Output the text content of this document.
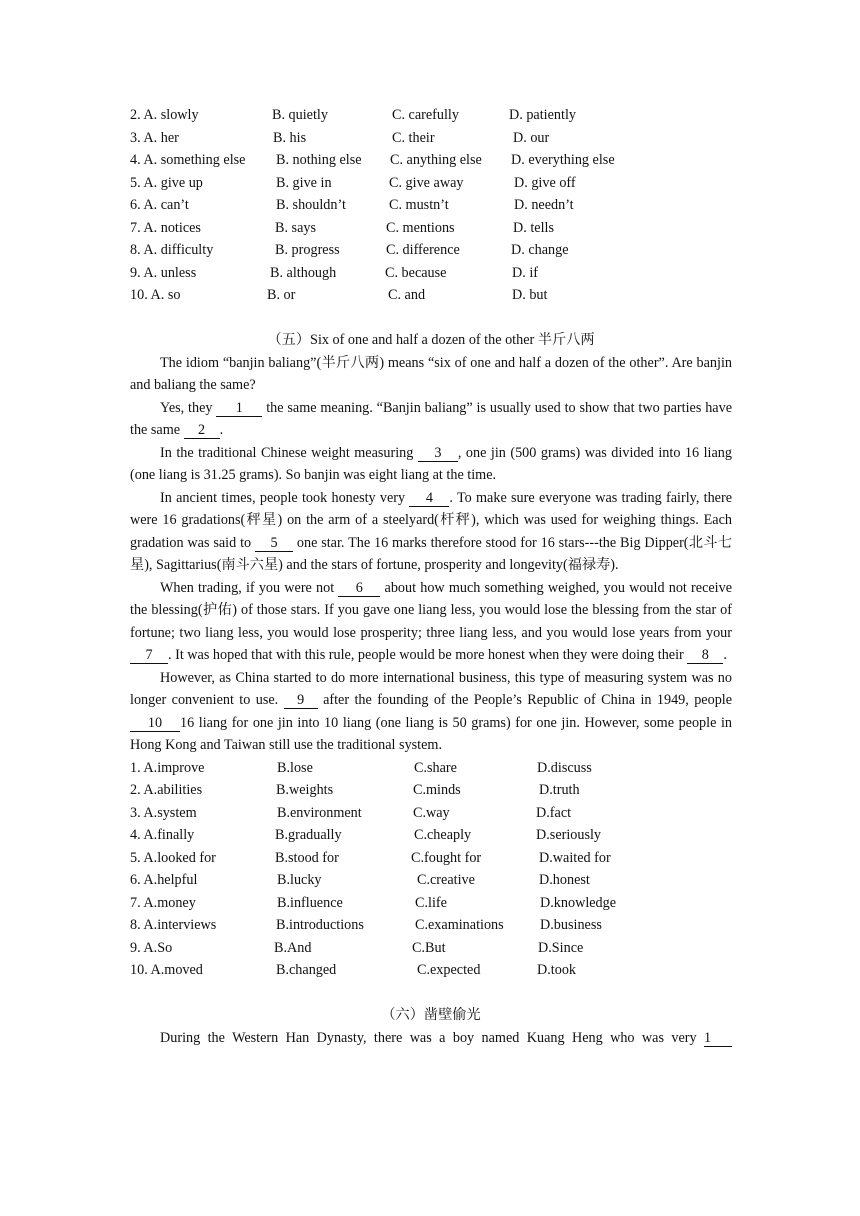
2. A. slowly	B. quietly	C. carefully	D. patiently
3. A. her	B. his	C. their	D. our
4. A. something else B. nothing else C. anything else D. everything else
5. A. give up	B. give in	C. give away	D. give off
6. A. can’t	B. shouldn’t	C. mustn’t	D. needn’t
7. A. notices	B. says	C. mentions	D. tells
8. A. difficulty	B. progress	C. difference	D. change
9. A. unless	B. although	C. because	D. if
10. A. so	B. or	C. and	D. but
（五）Six of one and half a dozen of the other 半斤八两

The idiom “banjin baliang”(半斤八两) means “six of one and half a dozen of the other”. Are banjin and baliang the same?

Yes, they 1 the same meaning. “Banjin baliang” is usually used to show that two parties have the same 2 .

In the traditional Chinese weight measuring 3 , one jin (500 grams) was divided into 16 liang (one liang is 31.25 grams). So banjin was eight liang at the time.

In ancient times, people took honesty very 4 . To make sure everyone was trading fairly, there were 16 gradations(秤星) on the arm of a steelyard(杆秤), which was used for weighing things. Each gradation was said to 5 one star. The 16 marks therefore stood for 16 stars---the Big Dipper(北斗七星), Sagittarius(南斗六星) and the stars of fortune, prosperity and longevity(福禄寿).

When trading, if you were not 6 about how much something weighed, you would not receive the blessing(护佑) of those stars. If you gave one liang less, you would lose the blessing from the star of fortune; two liang less, you would lose prosperity; three liang less, and you would lose years from your 7 . It was hoped that with this rule, people would be more honest when they were doing their 8 .

However, as China started to do more international business, this type of measuring system was no longer convenient to use. 9 after the founding of the People’s Republic of China in 1949, people 10 16 liang for one jin into 10 liang (one liang is 50 grams) for one jin. However, some people in Hong Kong and Taiwan still use the traditional system.

1. A.improve	B.lose	C.share	D.discuss
2. A.abilities	B.weights	C.minds	D.truth
3. A.system	B.environment	C.way	D.fact
4. A.finally	B.gradually	C.cheaply	D.seriously
5. A.looked for	B.stood for	C.fought for	D.waited for
6. A.helpful	B.lucky	C.creative	D.honest
7. A.money	B.influence	C.life	D.knowledge
8. A.interviews	B.introductions	C.examinations	D.business
9. A.So	B.And	C.But	D.Since
10. A.moved	B.changed	C.expected	D.took
（六）凿壁偷光

During the Western Han Dynasty, there was a boy named Kuang Heng who was very 1
